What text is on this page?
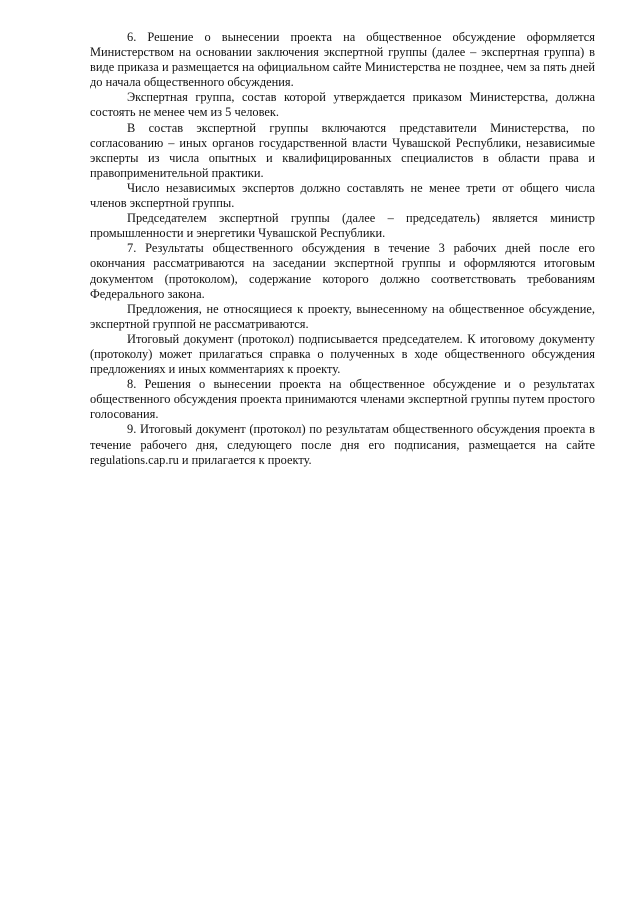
6. Решение о вынесении проекта на общественное обсуждение оформляется Министерством на основании заключения экспертной группы (далее – экспертная группа) в виде приказа и размещается на официальном сайте Министерства не позднее, чем за пять дней до начала общественного обсуждения.

Экспертная группа, состав которой утверждается приказом Министерства, должна состоять не менее чем из 5 человек.

В состав экспертной группы включаются представители Министерства, по согласованию – иных органов государственной власти Чувашской Республики, независимые эксперты из числа опытных и квалифицированных специалистов в области права и правоприменительной практики.

Число независимых экспертов должно составлять не менее трети от общего числа членов экспертной группы.

Председателем экспертной группы (далее – председатель) является министр промышленности и энергетики Чувашской Республики.

7. Результаты общественного обсуждения в течение 3 рабочих дней после его окончания рассматриваются на заседании экспертной группы и оформляются итоговым документом (протоколом), содержание которого должно соответствовать требованиям Федерального закона.

Предложения, не относящиеся к проекту, вынесенному на общественное обсуждение, экспертной группой не рассматриваются.

Итоговый документ (протокол) подписывается председателем. К итоговому документу (протоколу) может прилагаться справка о полученных в ходе общественного обсуждения предложениях и иных комментариях к проекту.

8. Решения о вынесении проекта на общественное обсуждение и о результатах общественного обсуждения проекта принимаются членами экспертной группы путем простого голосования.

9. Итоговый документ (протокол) по результатам общественного обсуждения проекта в течение рабочего дня, следующего после дня его подписания, размещается на сайте regulations.cap.ru и прилагается к проекту.
